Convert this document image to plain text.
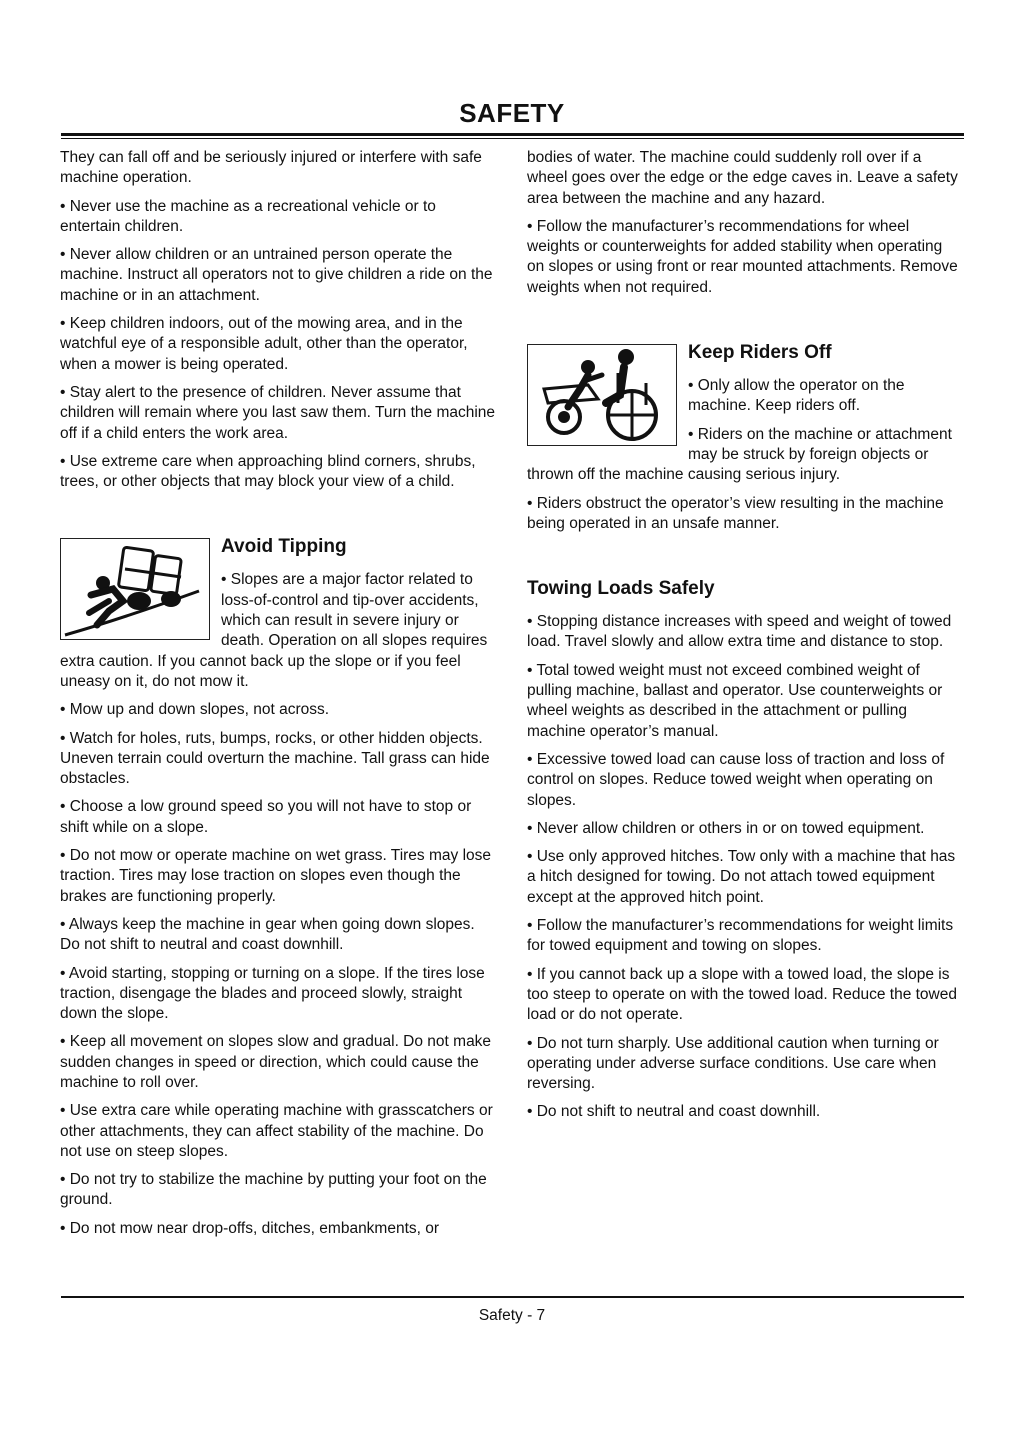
SAFETY

They can fall off and be seriously injured or interfere with safe machine operation.

• Never use the machine as a recreational vehicle or to entertain children.

• Never allow children or an untrained person operate the machine. Instruct all operators not to give children a ride on the machine or in an attachment.

• Keep children indoors, out of the mowing area, and in the watchful eye of a responsible adult, other than the operator, when a mower is being operated.

• Stay alert to the presence of children. Never assume that children will remain where you last saw them. Turn the machine off if a child enters the work area.

• Use extreme care when approaching blind corners, shrubs, trees, or other objects that may block your view of a child.

Avoid Tipping

• Slopes are a major factor related to loss-of-control and tip-over accidents, which can result in severe injury or death. Operation on all slopes requires extra caution. If you cannot back up the slope or if you feel uneasy on it, do not mow it.

• Mow up and down slopes, not across.

• Watch for holes, ruts, bumps, rocks, or other hidden objects. Uneven terrain could overturn the machine. Tall grass can hide obstacles.

• Choose a low ground speed so you will not have to stop or shift while on a slope.

• Do not mow or operate machine on wet grass. Tires may lose traction. Tires may lose traction on slopes even though the brakes are functioning properly.

• Always keep the machine in gear when going down slopes. Do not shift to neutral and coast downhill.

• Avoid starting, stopping or turning on a slope. If the tires lose traction, disengage the blades and proceed slowly, straight down the slope.

• Keep all movement on slopes slow and gradual. Do not make sudden changes in speed or direction, which could cause the machine to roll over.

• Use extra care while operating machine with grasscatchers or other attachments, they can affect stability of the machine. Do not use on steep slopes.

• Do not try to stabilize the machine by putting your foot on the ground.

• Do not mow near drop-offs, ditches, embankments, or

bodies of water. The machine could suddenly roll over if a wheel goes over the edge or the edge caves in. Leave a safety area between the machine and any hazard.

• Follow the manufacturer’s recommendations for wheel weights or counterweights for added stability when operating on slopes or using front or rear mounted attachments. Remove weights when not required.

Keep Riders Off

• Only allow the operator on the machine. Keep riders off.

• Riders on the machine or attachment may be struck by foreign objects or thrown off the machine causing serious injury.

• Riders obstruct the operator’s view resulting in the machine being operated in an unsafe manner.

Towing Loads Safely

• Stopping distance increases with speed and weight of towed load. Travel slowly and allow extra time and distance to stop.

• Total towed weight must not exceed combined weight of pulling machine, ballast and operator. Use counterweights or wheel weights as described in the attachment or pulling machine operator’s manual.

• Excessive towed load can cause loss of traction and loss of control on slopes. Reduce towed weight when operating on slopes.

• Never allow children or others in or on towed equipment.

• Use only approved hitches. Tow only with a machine that has a hitch designed for towing. Do not attach towed equipment except at the approved hitch point.

• Follow the manufacturer’s recommendations for weight limits for towed equipment and towing on slopes.

• If you cannot back up a slope with a towed load, the slope is too steep to operate on with the towed load. Reduce the towed load or do not operate.

• Do not turn sharply. Use additional caution when turning or operating under adverse surface conditions. Use care when reversing.

• Do not shift to neutral and coast downhill.

Safety - 7
